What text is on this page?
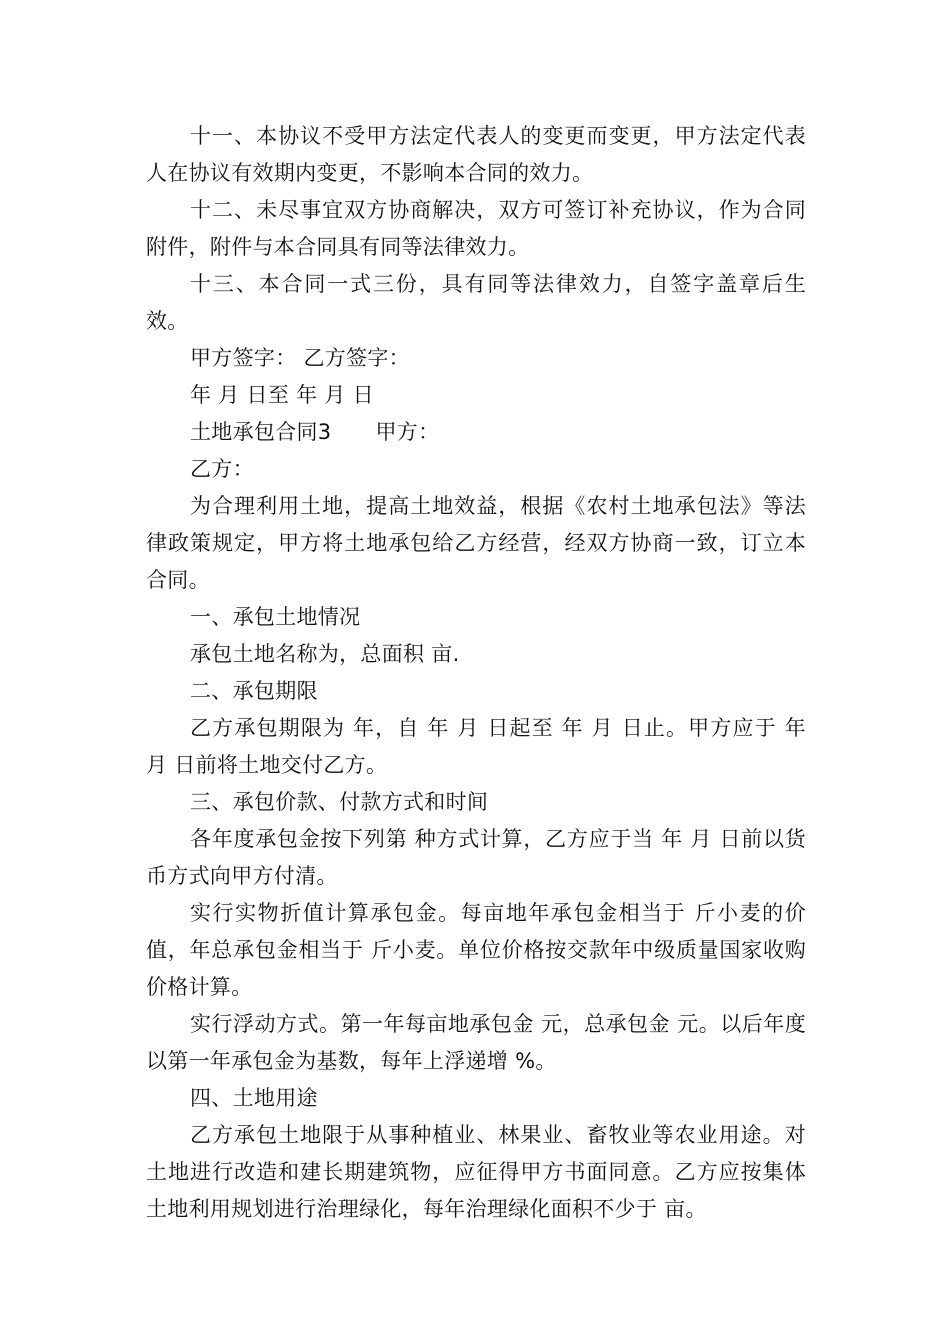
十一、本协议不受甲方法定代表人的变更而变更，甲方法定代表人在协议有效期内变更，不影响本合同的效力。

十二、未尽事宜双方协商解决，双方可签订补充协议，作为合同附件，附件与本合同具有同等法律效力。

十三、本合同一式三份，具有同等法律效力，自签字盖章后生效。

甲方签字： 乙方签字：

年 月 日至 年 月 日

土地承包合同3 甲方：

乙方：

为合理利用土地，提高土地效益，根据《农村土地承包法》等法律政策规定，甲方将土地承包给乙方经营，经双方协商一致，订立本合同。

一、承包土地情况

承包土地名称为，总面积 亩.

二、承包期限

乙方承包期限为 年，自 年 月 日起至 年 月 日止。甲方应于 年 月 日前将土地交付乙方。

三、承包价款、付款方式和时间

各年度承包金按下列第 种方式计算，乙方应于当 年 月 日前以货币方式向甲方付清。

实行实物折值计算承包金。每亩地年承包金相当于 斤小麦的价值，年总承包金相当于 斤小麦。单位价格按交款年中级质量国家收购价格计算。

实行浮动方式。第一年每亩地承包金 元，总承包金 元。以后年度以第一年承包金为基数，每年上浮递增 %。

四、土地用途

乙方承包土地限于从事种植业、林果业、畜牧业等农业用途。对土地进行改造和建长期建筑物，应征得甲方书面同意。乙方应按集体土地利用规划进行治理绿化，每年治理绿化面积不少于 亩。
